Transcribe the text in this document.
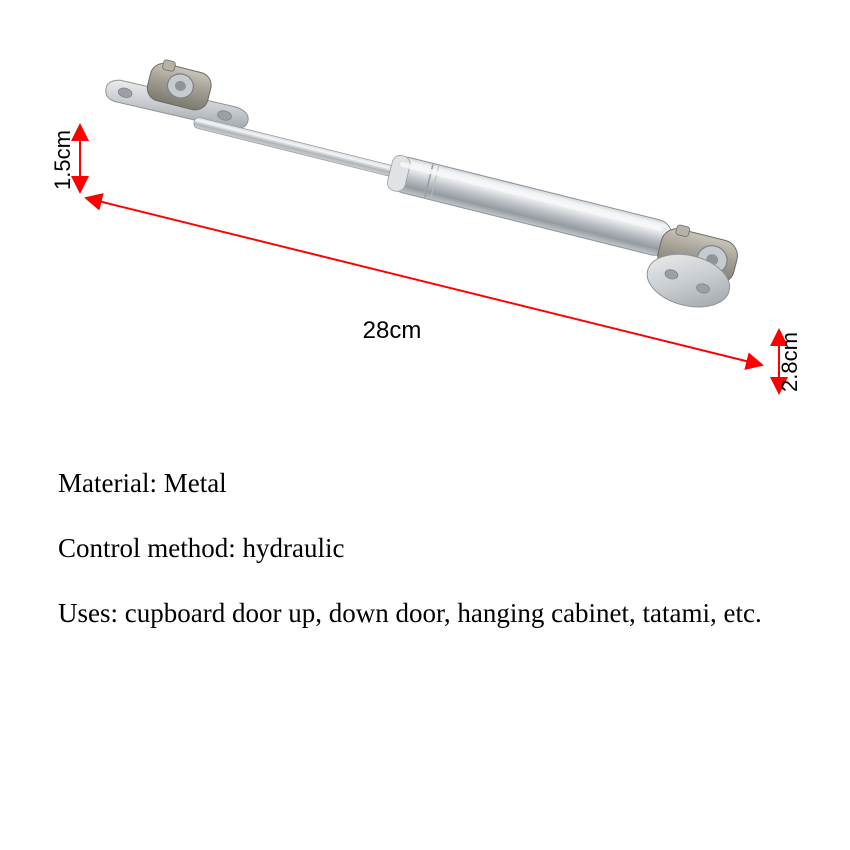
1.5cm
28cm
2.8cm
Material: Metal
Control method: hydraulic
Uses: cupboard door up, down door, hanging cabinet, tatami, etc.
